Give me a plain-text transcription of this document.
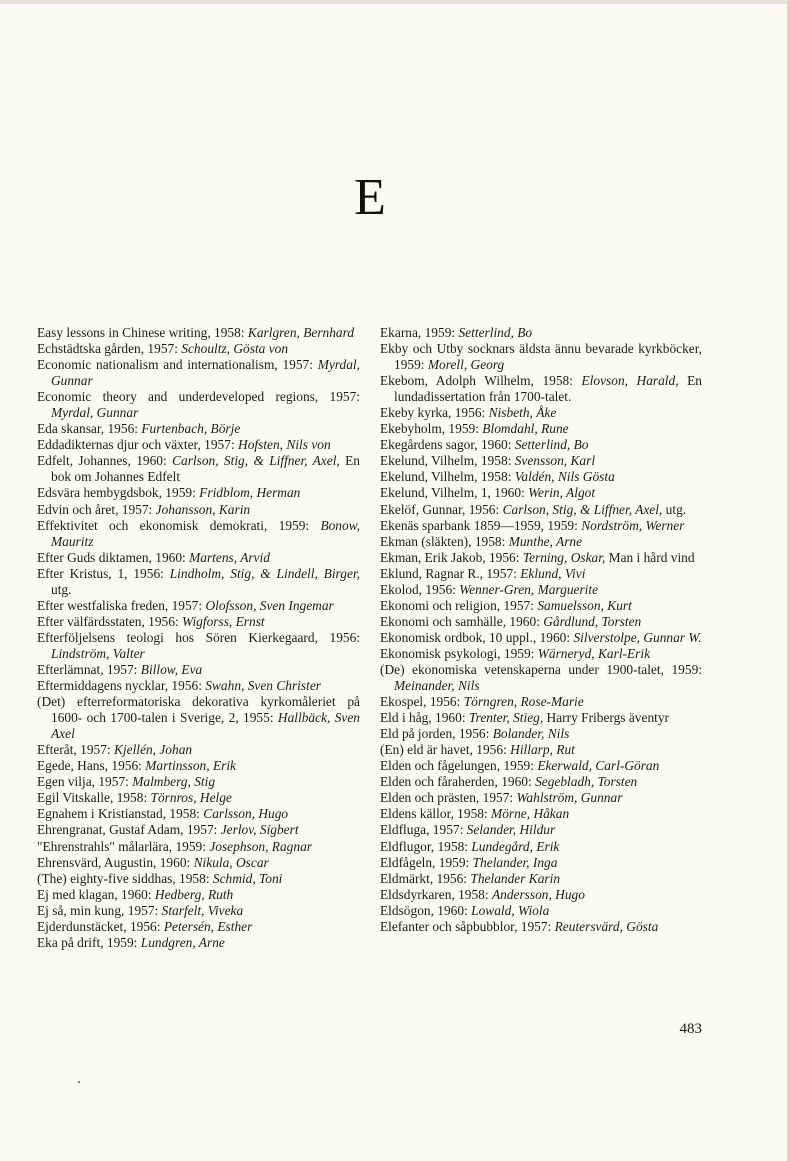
E
Easy lessons in Chinese writing, 1958: Karlgren, Bernhard
Echstädtska gården, 1957: Schoultz, Gösta von
Economic nationalism and internationalism, 1957: Myrdal, Gunnar
Economic theory and underdeveloped regions, 1957: Myrdal, Gunnar
Eda skansar, 1956: Furtenbach, Börje
Eddadikternas djur och växter, 1957: Hofsten, Nils von
Edfelt, Johannes, 1960: Carlson, Stig, & Liffner, Axel, En bok om Johannes Edfelt
Edsvära hembygdsbok, 1959: Fridblom, Herman
Edvin och året, 1957: Johansson, Karin
Effektivitet och ekonomisk demokrati, 1959: Bonow, Mauritz
Efter Guds diktamen, 1960: Martens, Arvid
Efter Kristus, 1, 1956: Lindholm, Stig, & Lindell, Birger, utg.
Efter westfaliska freden, 1957: Olofsson, Sven Ingemar
Efter välfärdsstaten, 1956: Wigforss, Ernst
Efterföljelsens teologi hos Sören Kierkegaard, 1956: Lindström, Valter
Efterlämnat, 1957: Billow, Eva
Eftermiddagens nycklar, 1956: Swahn, Sven Christer
(Det) efterreformatoriska dekorativa kyrkomåleriet på 1600- och 1700-talen i Sverige, 2, 1955: Hallbäck, Sven Axel
Efteråt, 1957: Kjellén, Johan
Egede, Hans, 1956: Martinsson, Erik
Egen vilja, 1957: Malmberg, Stig
Egil Vitskalle, 1958: Törnros, Helge
Egnahem i Kristianstad, 1958: Carlsson, Hugo
Ehrengranat, Gustaf Adam, 1957: Jerlov, Sigbert
"Ehrenstrahls" målarlära, 1959: Josephson, Ragnar
Ehrensvärd, Augustin, 1960: Nikula, Oscar
(The) eighty-five siddhas, 1958: Schmid, Toni
Ej med klagan, 1960: Hedberg, Ruth
Ej så, min kung, 1957: Starfelt, Viveka
Ejderdunstäcket, 1956: Petersén, Esther
Eka på drift, 1959: Lundgren, Arne
Ekarna, 1959: Setterlind, Bo
Ekby och Utby socknars äldsta ännu bevarade kyrkböcker, 1959: Morell, Georg
Ekebom, Adolph Wilhelm, 1958: Elovson, Harald, En lundadissertation från 1700-talet.
Ekeby kyrka, 1956: Nisbeth, Åke
Ekebyholm, 1959: Blomdahl, Rune
Ekegårdens sagor, 1960: Setterlind, Bo
Ekelund, Vilhelm, 1958: Svensson, Karl
Ekelund, Vilhelm, 1958: Valdén, Nils Gösta
Ekelund, Vilhelm, 1, 1960: Werin, Algot
Ekelöf, Gunnar, 1956: Carlson, Stig, & Liffner, Axel, utg.
Ekenäs sparbank 1859—1959, 1959: Nordström, Werner
Ekman (släkten), 1958: Munthe, Arne
Ekman, Erik Jakob, 1956: Terning, Oskar, Man i hård vind
Eklund, Ragnar R., 1957: Eklund, Vivi
Ekolod, 1956: Wenner-Gren, Marguerite
Ekonomi och religion, 1957: Samuelsson, Kurt
Ekonomi och samhälle, 1960: Gårdlund, Torsten
Ekonomisk ordbok, 10 uppl., 1960: Silverstolpe, Gunnar W.
Ekonomisk psykologi, 1959: Wärneryd, Karl-Erik
(De) ekonomiska vetenskaperna under 1900-talet, 1959: Meinander, Nils
Ekospel, 1956: Törngren, Rose-Marie
Eld i håg, 1960: Trenter, Stieg, Harry Fribergs äventyr
Eld på jorden, 1956: Bolander, Nils
(En) eld är havet, 1956: Hillarp, Rut
Elden och fågelungen, 1959: Ekerwald, Carl-Göran
Elden och fåraherden, 1960: Segebladh, Torsten
Elden och prästen, 1957: Wahlström, Gunnar
Eldens källor, 1958: Mörne, Håkan
Eldfluga, 1957: Selander, Hildur
Eldflugor, 1958: Lundegård, Erik
Eldfågeln, 1959: Thelander, Inga
Eldmärkt, 1956: Thelander Karin
Eldsdyrkaren, 1958: Andersson, Hugo
Eldsögon, 1960: Lowald, Wiola
Elefanter och såpbubblor, 1957: Reutersvärd, Gösta
483
